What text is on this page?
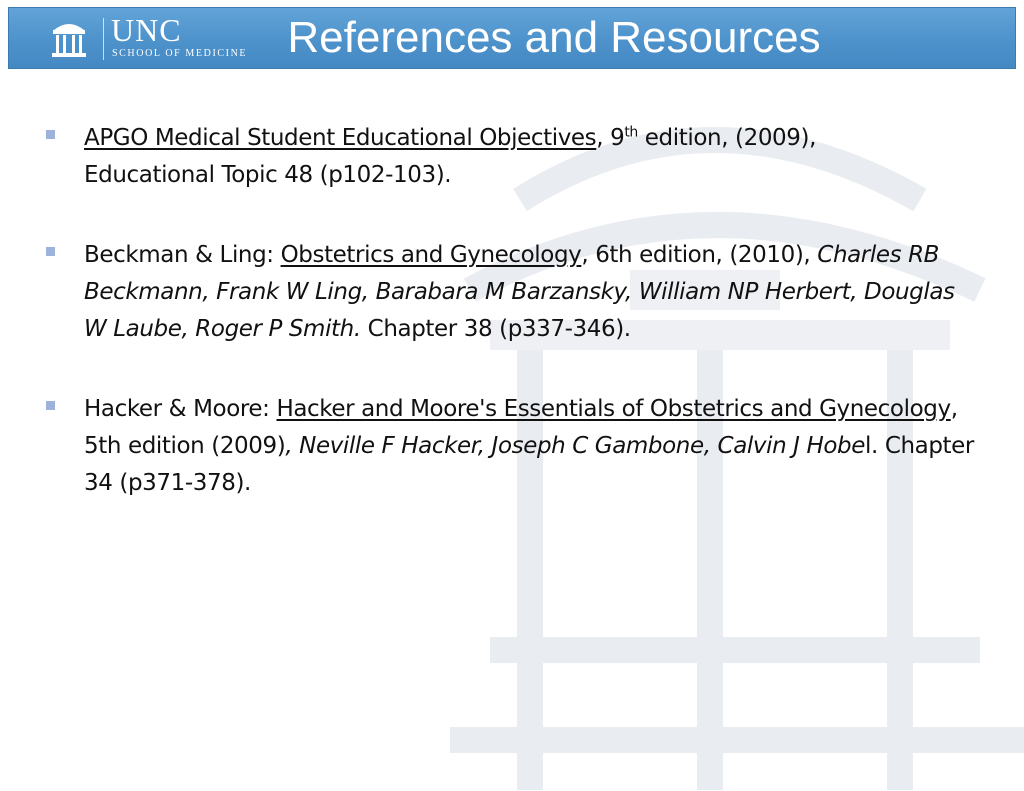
UNC
SCHOOL OF MEDICINE References and Resources
APGO Medical Student Educational Objectives, 9th edition, (2009),
Educational Topic 48 (p102-103).
Beckman & Ling: Obstetrics and Gynecology, 6th edition, (2010), Charles RB Beckmann, Frank W Ling, Barabara M Barzansky, William NP Herbert, Douglas W Laube, Roger P Smith. Chapter 38 (p337-346).
Hacker & Moore: Hacker and Moore's Essentials of Obstetrics and Gynecology, 5th edition (2009), Neville F Hacker, Joseph C Gambone, Calvin J Hobel. Chapter 34 (p371-378).
